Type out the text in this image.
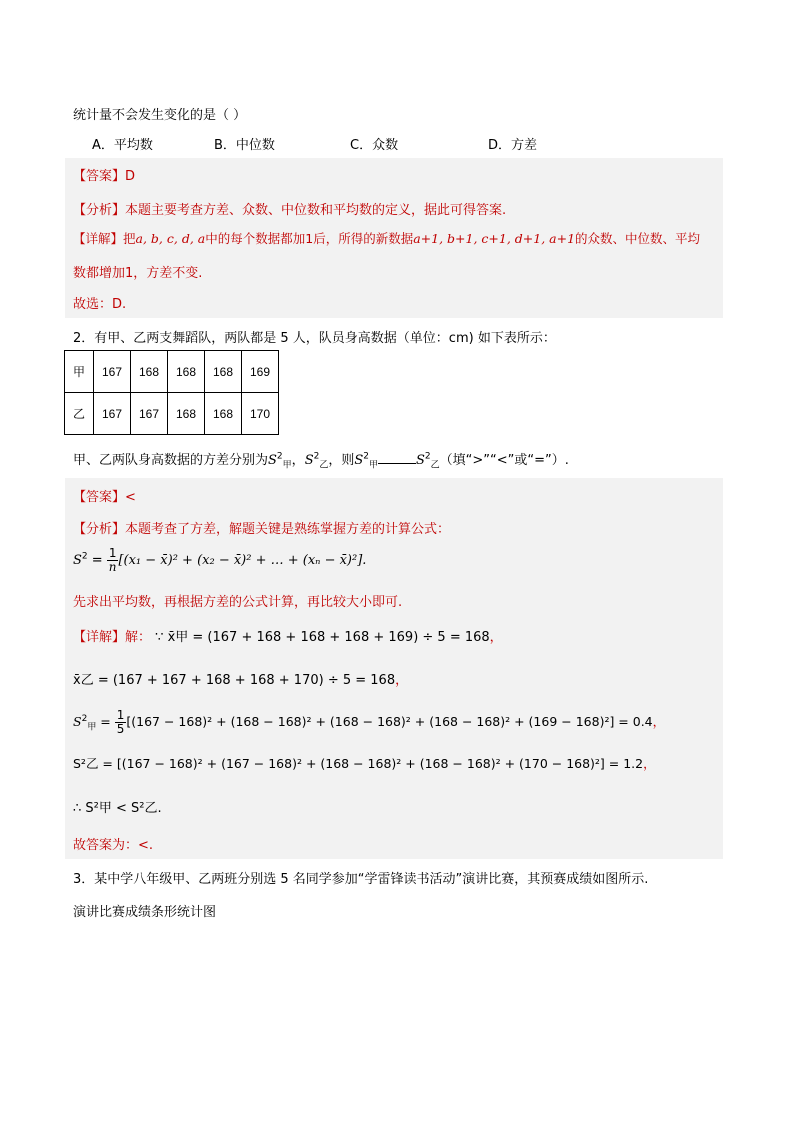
统计量不会发生变化的是（ ）
A．平均数	B．中位数	C．众数	D．方差
【答案】D
【分析】本题主要考查方差、众数、中位数和平均数的定义，据此可得答案.
【详解】把a, b, c, d, a中的每个数据都加1后，所得的新数据a+1, b+1, c+1, d+1, a+1的众数、中位数、平均
数都增加1，方差不变.
故选：D.
2．有甲、乙两支舞蹈队，两队都是 5 人，队员身高数据（单位：cm) 如下表所示：
甲	167	168	168	168	169
乙	167	167	168	168	170
甲、乙两队身高数据的方差分别为$S^2_甲$，$S^2_乙$，则$S^2_甲$	$S^2_乙$（填“>”“<”或“=”）.
【答案】<
【分析】本题考查了方差，解题关键是熟练掌握方差的计算公式：
$S^2 = \frac{1}{n} [(x_1$ − x̄)² + (x₂ − x̄)² + … + (xₙ − x̄)²].
先求出平均数，再根据方差的公式计算，再比较大小即可.
【详解】解： ∵ x̄甲 = (167 + 168 + 168 + 168 + 169) ÷ 5 = 168，
x̄乙 = (167 + 167 + 168 + 168 + 170) ÷ 5 = 168，
$S^2_甲 = \frac{1}{5} [(167 - 168)^2 + (168 - 168)^2 + (168 - 168)^2 + (168 - 168)^2 + (169 - 168)^2] = 0.4$，
S²乙 = [(167 − 168)² + (167 − 168)² + (168 − 168)² + (168 − 168)² + (170 − 168)²] = 1.2，
∴ S²甲 < S²乙.
故答案为：<.
3．某中学八年级甲、乙两班分别选 5 名同学参加“学雷锋读书活动”演讲比赛，其预赛成绩如图所示.
演讲比赛成绩条形统计图
